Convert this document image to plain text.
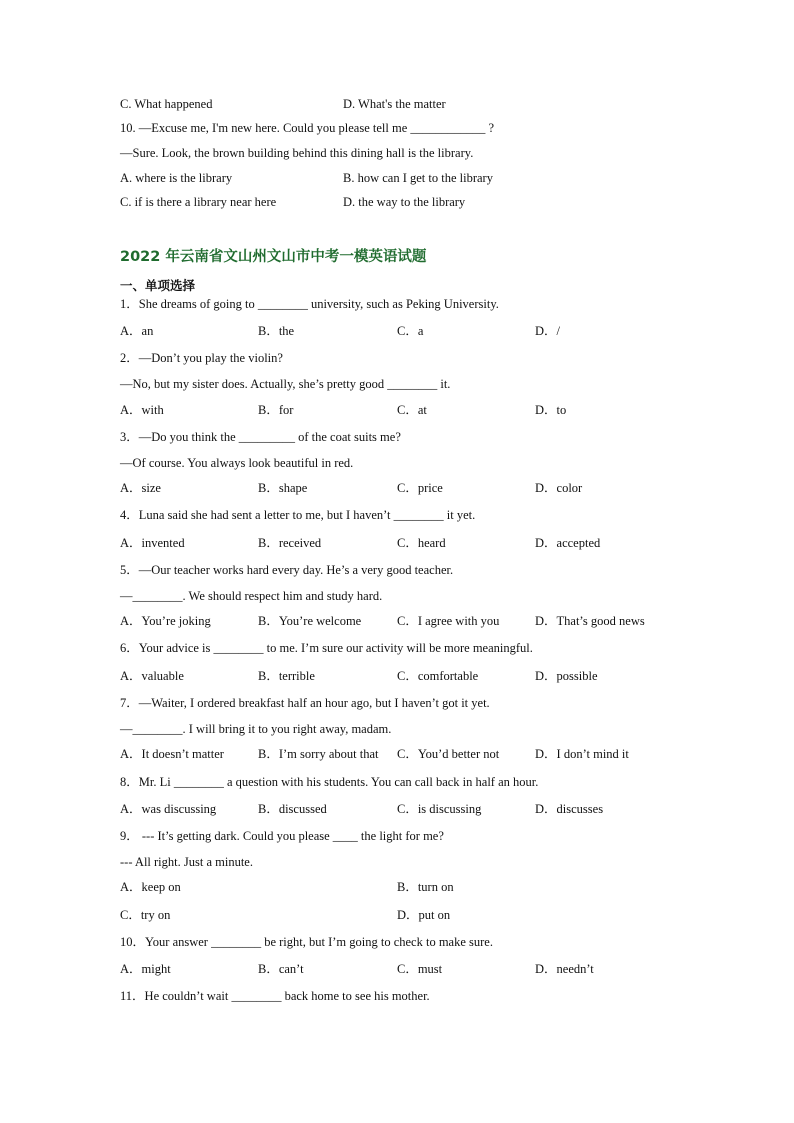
C. What happened	D. What's the matter
10. —Excuse me, I'm new here. Could you please tell me ____________ ?
—Sure. Look, the brown building behind this dining hall is the library.
A. where is the library	B. how can I get to the library
C. if is there a library near here	D. the way to the library
2022 年云南省文山州文山市中考一模英语试题
一、单项选择
1．She dreams of going to ________ university, such as Peking University.
A．an	B．the	C．a	D．/
2．—Don’t you play the violin?
—No, but my sister does. Actually, she’s pretty good ________ it.
A．with	B．for	C．at	D．to
3．—Do you think the _________ of the coat suits me?
—Of course. You always look beautiful in red.
A．size	B．shape	C．price	D．color
4．Luna said she had sent a letter to me, but I haven’t ________ it yet.
A．invented	B．received	C．heard	D．accepted
5．—Our teacher works hard every day. He’s a very good teacher.
—________. We should respect him and study hard.
A．You’re joking	B．You’re welcome	C．I agree with you	D．That’s good news
6．Your advice is ________ to me. I’m sure our activity will be more meaningful.
A．valuable	B．terrible	C．comfortable	D．possible
7．—Waiter, I ordered breakfast half an hour ago, but I haven’t got it yet.
—________. I will bring it to you right away, madam.
A．It doesn’t matter	B．I’m sorry about that C．You’d better not	D．I don’t mind it
8．Mr. Li ________ a question with his students. You can call back in half an hour.
A．was discussing	B．discussed	C．is discussing	D．discusses
9． --- It’s getting dark. Could you please ____ the light for me?
--- All right. Just a minute.
A．keep on	B．turn on
C．try on	D．put on
10．Your answer ________ be right, but I’m going to check to make sure.
A．might	B．can’t	C．must	D．needn’t
11．He couldn’t wait ________ back home to see his mother.
